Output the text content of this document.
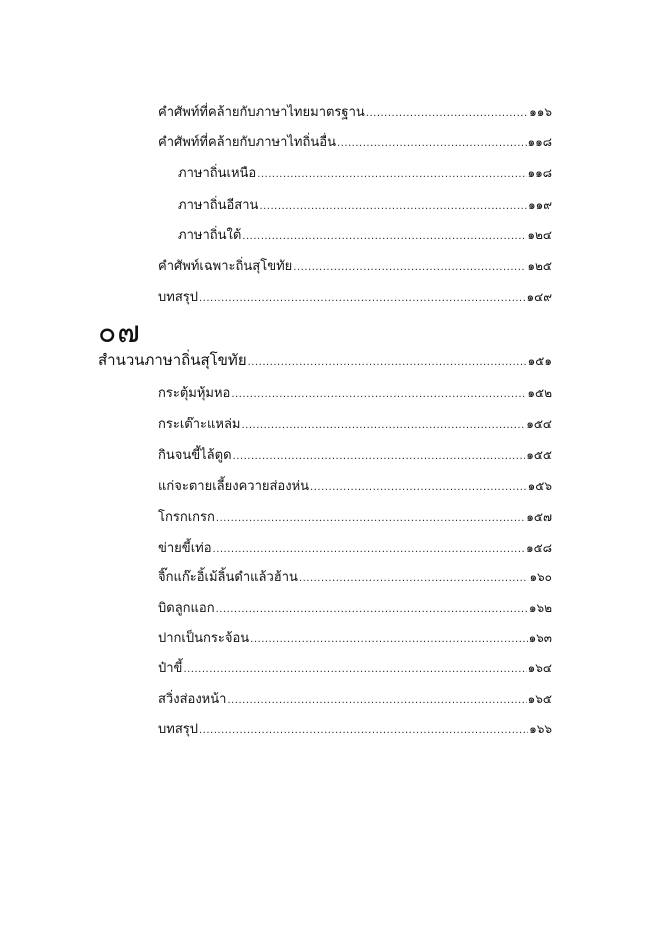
คำศัพท์ที่คล้ายกับภาษาไทยมาตรฐาน .....	๑๑๖
คำศัพท์ที่คล้ายกับภาษาไทถิ่นอื่น .....	๑๑๘
ภาษาถิ่นเหนือ .....	๑๑๘
ภาษาถิ่นอีสาน .....	๑๑๙
ภาษาถิ่นใต้ .....	๑๒๔
คำศัพท์เฉพาะถิ่นสุโขทัย .....	๑๒๕
บทสรุป .....	๑๔๙
๐๗
สำนวนภาษาถิ่นสุโขทัย .....	๑๕๑
กระตุ้มหุ้มหอ .....	๑๕๒
กระเต๊าะแหล่ม .....	๑๕๔
กินจนขี้ไล้ตูด .....	๑๕๕
แก่จะตายเลี้ยงควายส่องห่น .....	๑๕๖
โกรกเกรก .....	๑๕๗
ข่ายขี้เท่อ .....	๑๕๘
จิ๊กแก๊ะอิ้เม้ลิ้นดำแล้วฮ้าน .....	๑๖๐
บิดลูกแอก .....	๑๖๒
ปากเป็นกระจ้อน .....	๑๖๓
ป๋าขี้ .....	๑๖๔
สวิ่งส่องหน้า .....	๑๖๕
บทสรุป .....	๑๖๖
